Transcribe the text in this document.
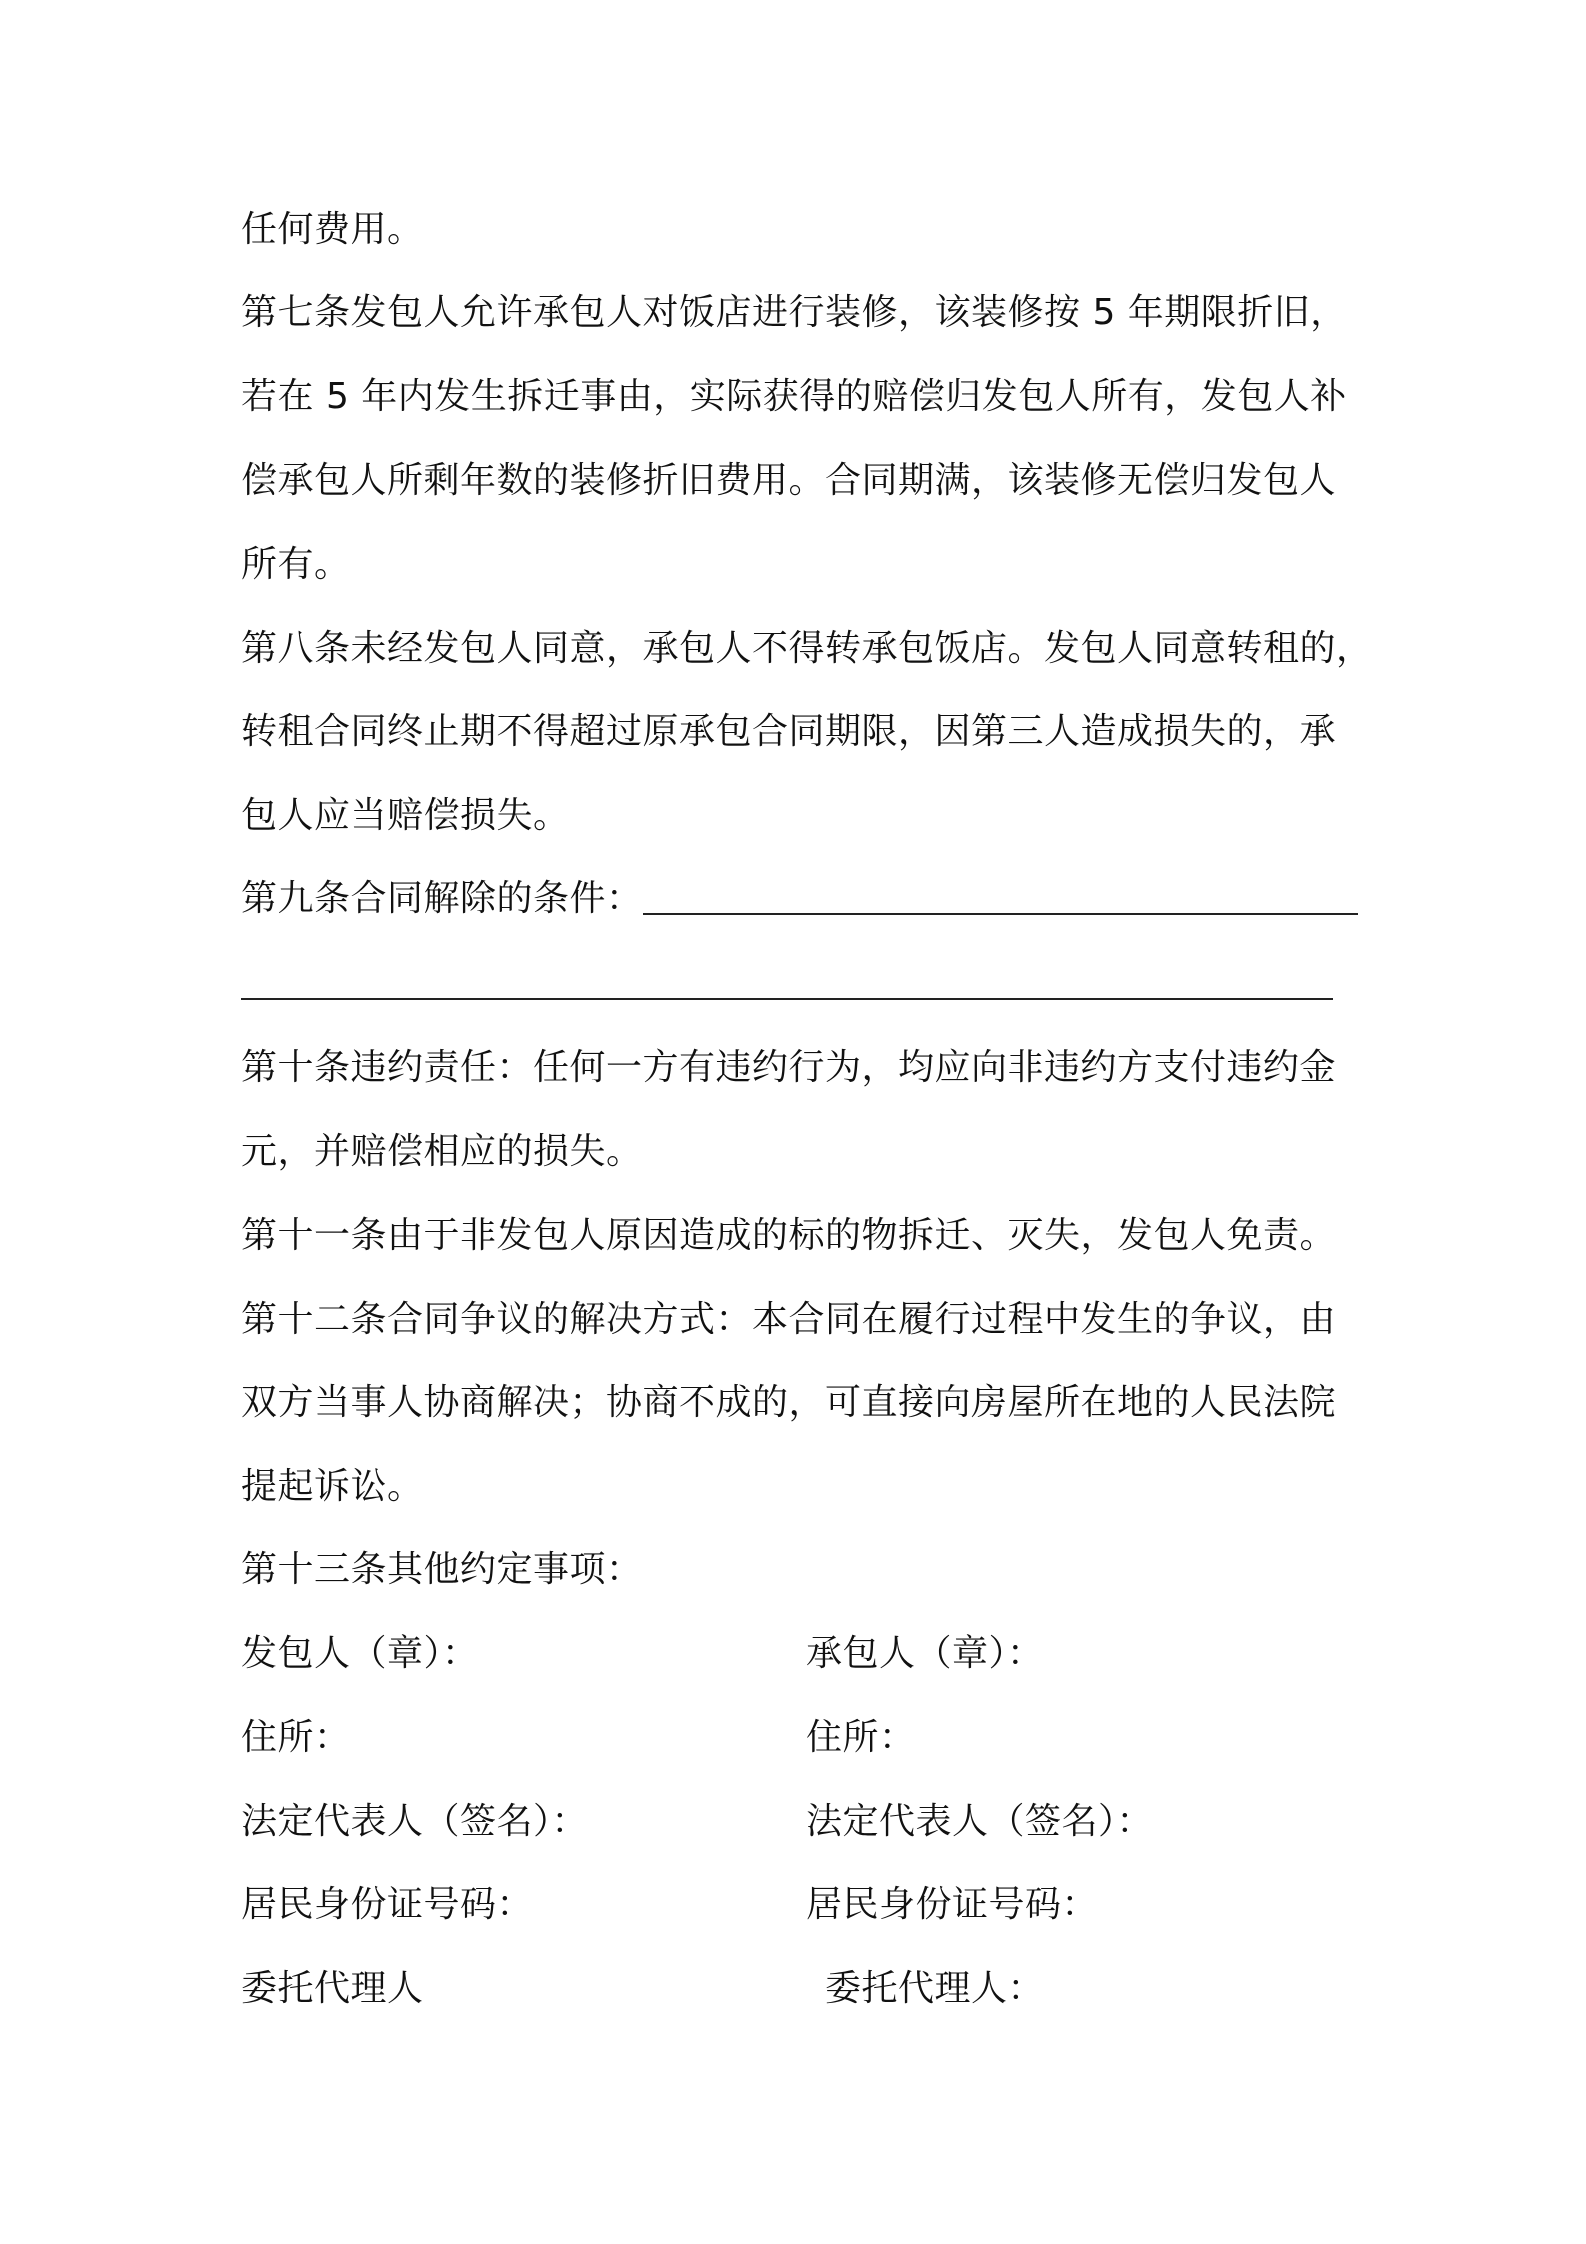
任何费用。
第七条发包人允许承包人对饭店进行装修，该装修按 5 年期限折旧，
若在 5 年内发生拆迁事由，实际获得的赔偿归发包人所有，发包人补
偿承包人所剩年数的装修折旧费用。合同期满，该装修无偿归发包人
所有。
第八条未经发包人同意，承包人不得转承包饭店。发包人同意转租的，
转租合同终止期不得超过原承包合同期限，因第三人造成损失的，承
包人应当赔偿损失。
第九条合同解除的条件：
第十条违约责任：任何一方有违约行为，均应向非违约方支付违约金
元，并赔偿相应的损失。
第十一条由于非发包人原因造成的标的物拆迁、灭失，发包人免责。
第十二条合同争议的解决方式：本合同在履行过程中发生的争议，由
双方当事人协商解决；协商不成的，可直接向房屋所在地的人民法院
提起诉讼。
第十三条其他约定事项：
发包人（章）：	承包人（章）：
住所：	住所：
法定代表人（签名）：	法定代表人（签名）：
居民身份证号码：	居民身份证号码：
委托代理人	委托代理人：
